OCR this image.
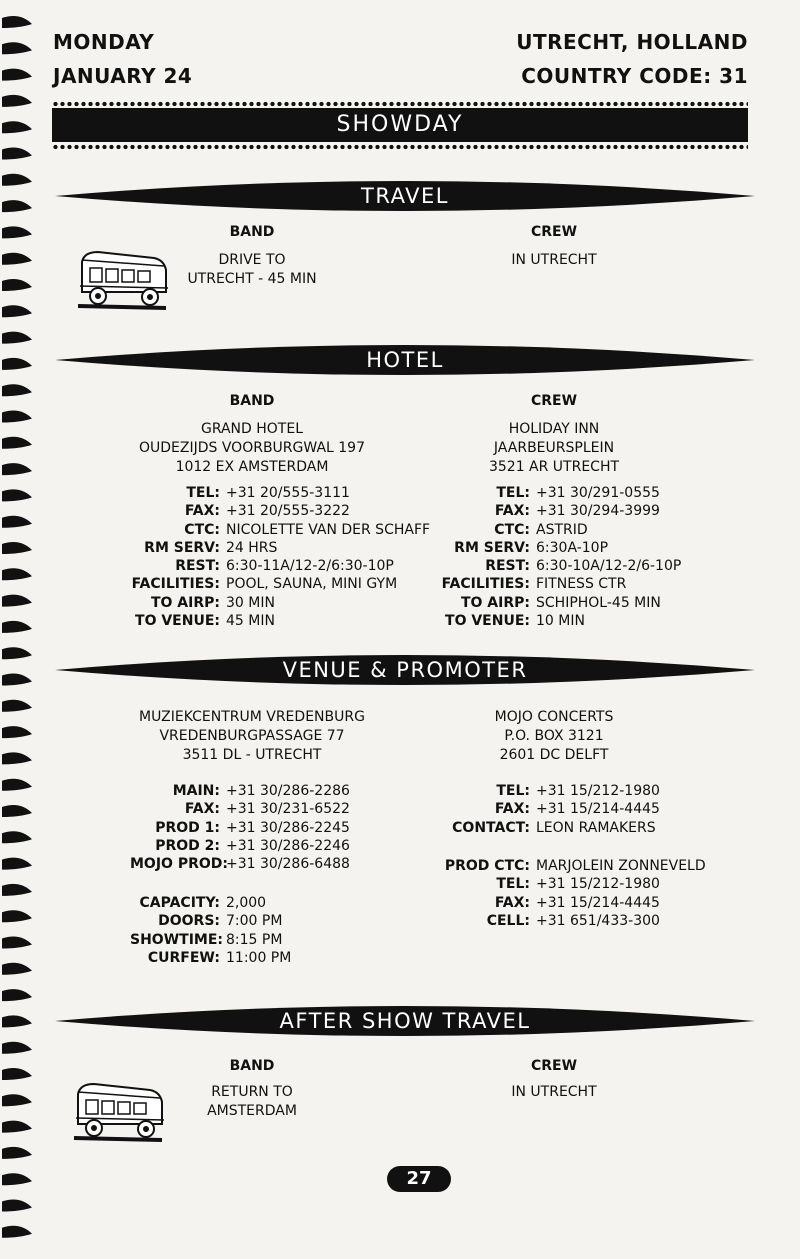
MONDAY
JANUARY 24
UTRECHT, HOLLAND
COUNTRY CODE: 31
SHOWDAY
TRAVEL
BAND	CREW
DRIVE TO
UTRECHT - 45 MIN
IN UTRECHT
HOTEL
BAND	CREW
GRAND HOTEL
OUDEZIJDS VOORBURGWAL 197
1012 EX AMSTERDAM
HOLIDAY INN
JAARBEURSPLEIN
3521 AR UTRECHT
TEL: +31 20/555-3111
FAX: +31 20/555-3222
CTC: NICOLETTE VAN DER SCHAFF
RM SERV: 24 HRS
REST: 6:30-11A/12-2/6:30-10P
FACILITIES: POOL, SAUNA, MINI GYM
TO AIRP: 30 MIN
TO VENUE: 45 MIN
TEL: +31 30/291-0555
FAX: +31 30/294-3999
CTC: ASTRID
RM SERV: 6:30A-10P
REST: 6:30-10A/12-2/6-10P
FACILITIES: FITNESS CTR
TO AIRP: SCHIPHOL-45 MIN
TO VENUE: 10 MIN
VENUE & PROMOTER
MUZIEKCENTRUM VREDENBURG
VREDENBURGPASSAGE 77
3511 DL - UTRECHT
MOJO CONCERTS
P.O. BOX 3121
2601 DC DELFT
MAIN: +31 30/286-2286
FAX: +31 30/231-6522
PROD 1: +31 30/286-2245
PROD 2: +31 30/286-2246
MOJO PROD:
+31 30/286-6488
TEL: +31 15/212-1980
FAX: +31 15/214-4445
CONTACT: LEON RAMAKERS
CAPACITY: 2,000
DOORS: 7:00 PM
SHOWTIME: 8:15 PM
CURFEW: 11:00 PM
PROD CTC: MARJOLEIN ZONNEVELD
TEL: +31 15/212-1980
FAX: +31 15/214-4445
CELL: +31 651/433-300
AFTER SHOW TRAVEL
BAND	CREW
RETURN TO
AMSTERDAM
IN UTRECHT
27
